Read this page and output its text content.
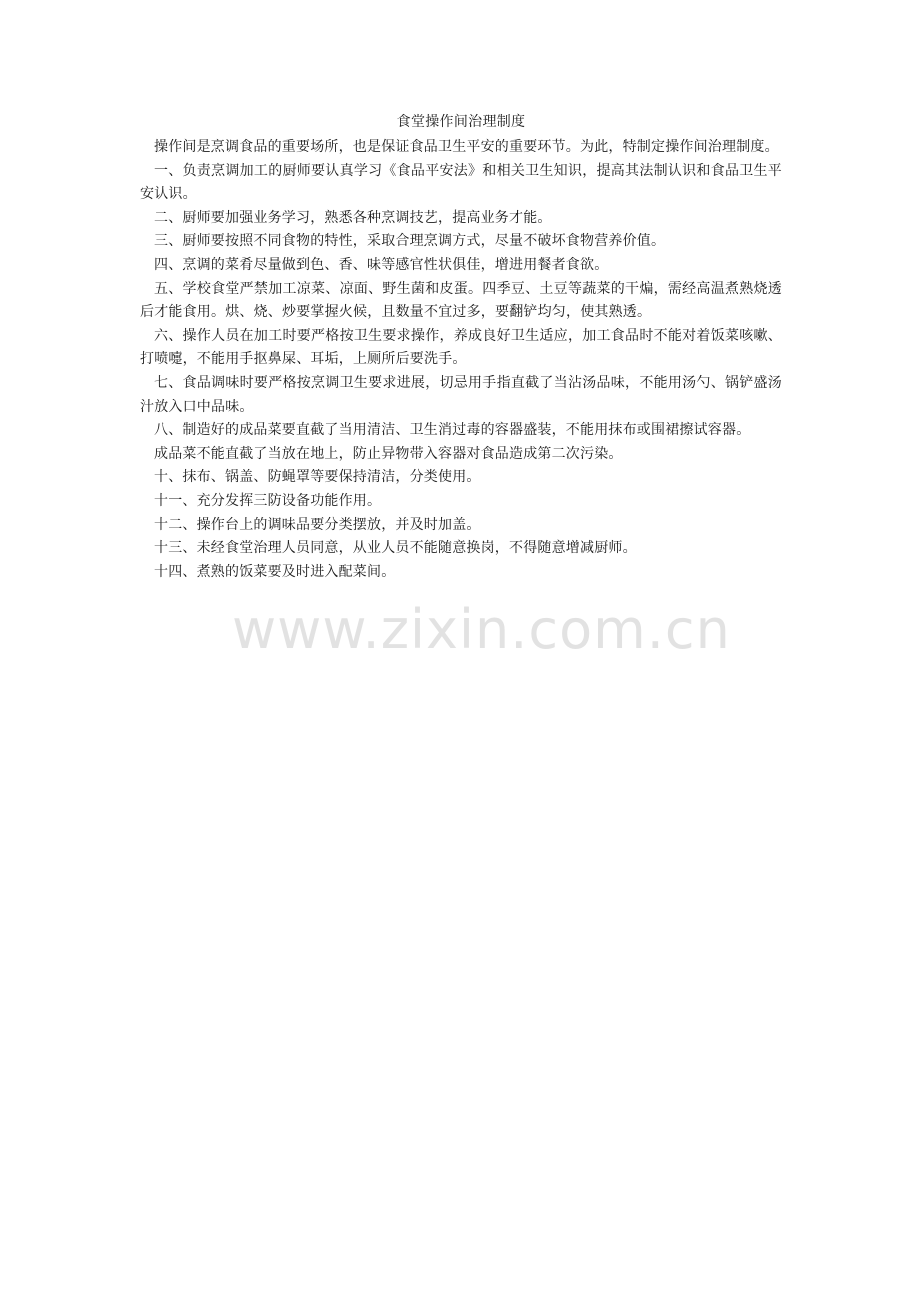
食堂操作间治理制度

操作间是烹调食品的重要场所，也是保证食品卫生平安的重要环节。为此，特制定操作间治理制度。

一、负责烹调加工的厨师要认真学习《食品平安法》和相关卫生知识，提高其法制认识和食品卫生平安认识。

二、厨师要加强业务学习，熟悉各种烹调技艺，提高业务才能。

三、厨师要按照不同食物的特性，采取合理烹调方式，尽量不破坏食物营养价值。

四、烹调的菜肴尽量做到色、香、味等感官性状俱佳，增进用餐者食欲。

五、学校食堂严禁加工凉菜、凉面、野生菌和皮蛋。四季豆、土豆等蔬菜的干煸，需经高温煮熟烧透后才能食用。烘、烧、炒要掌握火候，且数量不宜过多，要翻铲均匀，使其熟透。

六、操作人员在加工时要严格按卫生要求操作，养成良好卫生适应，加工食品时不能对着饭菜咳嗽、打喷嚏，不能用手抠鼻屎、耳垢，上厕所后要洗手。

七、食品调味时要严格按烹调卫生要求进展，切忌用手指直截了当沾汤品味，不能用汤勺、锅铲盛汤汁放入口中品味。

八、制造好的成品菜要直截了当用清洁、卫生消过毒的容器盛装，不能用抹布或围裙擦试容器。

成品菜不能直截了当放在地上，防止异物带入容器对食品造成第二次污染。

十、抹布、锅盖、防蝇罩等要保持清洁，分类使用。

十一、充分发挥三防设备功能作用。

十二、操作台上的调味品要分类摆放，并及时加盖。

十三、未经食堂治理人员同意，从业人员不能随意换岗，不得随意增减厨师。

十四、煮熟的饭菜要及时进入配菜间。

www.zixin.com.cn
